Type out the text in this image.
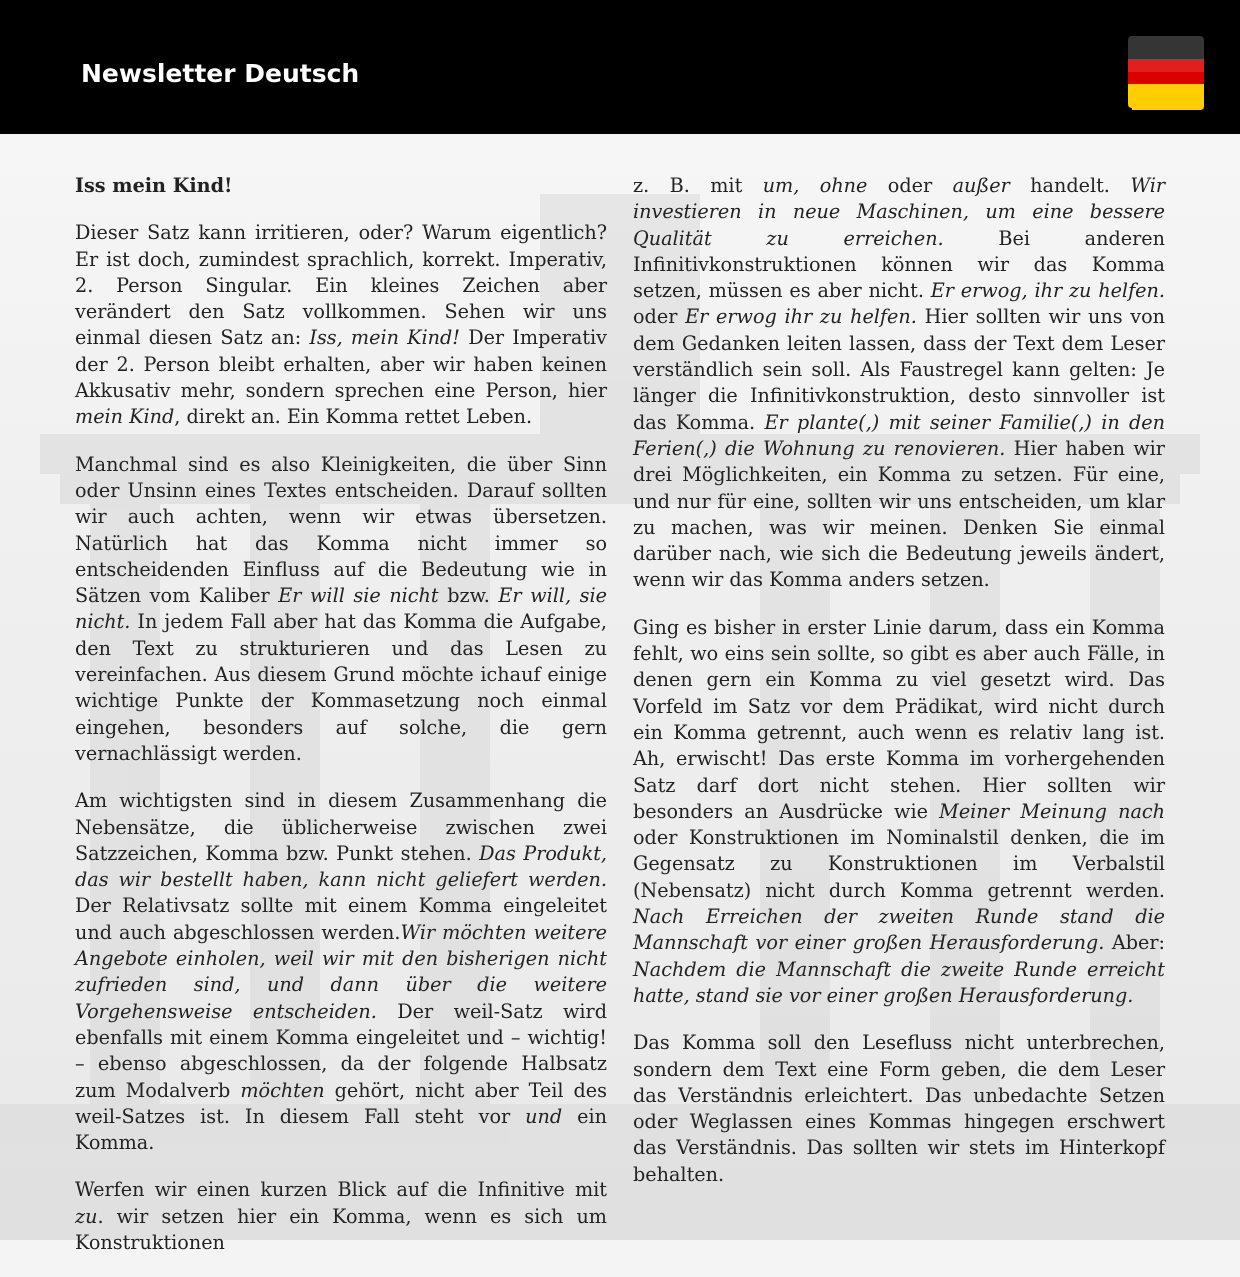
Newsletter Deutsch
Iss mein Kind!

Dieser Satz kann irritieren, oder? Warum eigentlich? Er ist doch, zumindest sprachlich, korrekt. Imperativ, 2. Person Singular. Ein kleines Zeichen aber verändert den Satz vollkommen. Sehen wir uns einmal diesen Satz an: Iss, mein Kind! Der Imperativ der 2. Person bleibt erhalten, aber wir haben keinen Akkusativ mehr, sondern sprechen eine Person, hier mein Kind, direkt an. Ein Komma rettet Leben.

Manchmal sind es also Kleinigkeiten, die über Sinn oder Unsinn eines Textes entscheiden. Darauf sollten wir auch achten, wenn wir etwas übersetzen. Natürlich hat das Komma nicht immer so entscheidenden Einfluss auf die Bedeutung wie in Sätzen vom Kaliber Er will sie nicht bzw. Er will, sie nicht. In jedem Fall aber hat das Komma die Aufgabe, den Text zu strukturieren und das Lesen zu vereinfachen. Aus diesem Grund möchte ichauf einige wichtige Punkte der Kommasetzung noch einmal eingehen, besonders auf solche, die gern vernachlässigt werden.

Am wichtigsten sind in diesem Zusammenhang die Nebensätze, die üblicherweise zwischen zwei Satzzeichen, Komma bzw. Punkt stehen. Das Produkt, das wir bestellt haben, kann nicht geliefert werden. Der Relativsatz sollte mit einem Komma eingeleitet und auch abgeschlossen werden.Wir möchten weitere Angebote einholen, weil wir mit den bisherigen nicht zufrieden sind, und dann über die weitere Vorgehensweise entscheiden. Der weil-Satz wird ebenfalls mit einem Komma eingeleitet und – wichtig! – ebenso abgeschlossen, da der folgende Halbsatz zum Modalverb möchten gehört, nicht aber Teil des weil-Satzes ist. In diesem Fall steht vor und ein Komma.

Werfen wir einen kurzen Blick auf die Infinitive mit zu. wir setzen hier ein Komma, wenn es sich um Konstruktionen

z. B. mit um, ohne oder außer handelt. Wir investieren in neue Maschinen, um eine bessere Qualität zu erreichen. Bei anderen Infinitivkonstruktionen können wir das Komma setzen, müssen es aber nicht. Er erwog, ihr zu helfen. oder Er erwog ihr zu helfen. Hier sollten wir uns von dem Gedanken leiten lassen, dass der Text dem Leser verständlich sein soll. Als Faustregel kann gelten: Je länger die Infinitivkonstruktion, desto sinnvoller ist das Komma. Er plante(,) mit seiner Familie(,) in den Ferien(,) die Wohnung zu renovieren. Hier haben wir drei Möglichkeiten, ein Komma zu setzen. Für eine, und nur für eine, sollten wir uns entscheiden, um klar zu machen, was wir meinen. Denken Sie einmal darüber nach, wie sich die Bedeutung jeweils ändert, wenn wir das Komma anders setzen.

Ging es bisher in erster Linie darum, dass ein Komma fehlt, wo eins sein sollte, so gibt es aber auch Fälle, in denen gern ein Komma zu viel gesetzt wird. Das Vorfeld im Satz vor dem Prädikat, wird nicht durch ein Komma getrennt, auch wenn es relativ lang ist. Ah, erwischt! Das erste Komma im vorhergehenden Satz darf dort nicht stehen. Hier sollten wir besonders an Ausdrücke wie Meiner Meinung nach oder Konstruktionen im Nominalstil denken, die im Gegensatz zu Konstruktionen im Verbalstil (Nebensatz) nicht durch Komma getrennt werden. Nach Erreichen der zweiten Runde stand die Mannschaft vor einer großen Herausforderung. Aber: Nachdem die Mannschaft die zweite Runde erreicht hatte, stand sie vor einer großen Herausforderung.

Das Komma soll den Lesefluss nicht unterbrechen, sondern dem Text eine Form geben, die dem Leser das Verständnis erleichtert. Das unbedachte Setzen oder Weglassen eines Kommas hingegen erschwert das Verständnis. Das sollten wir stets im Hinterkopf behalten.
